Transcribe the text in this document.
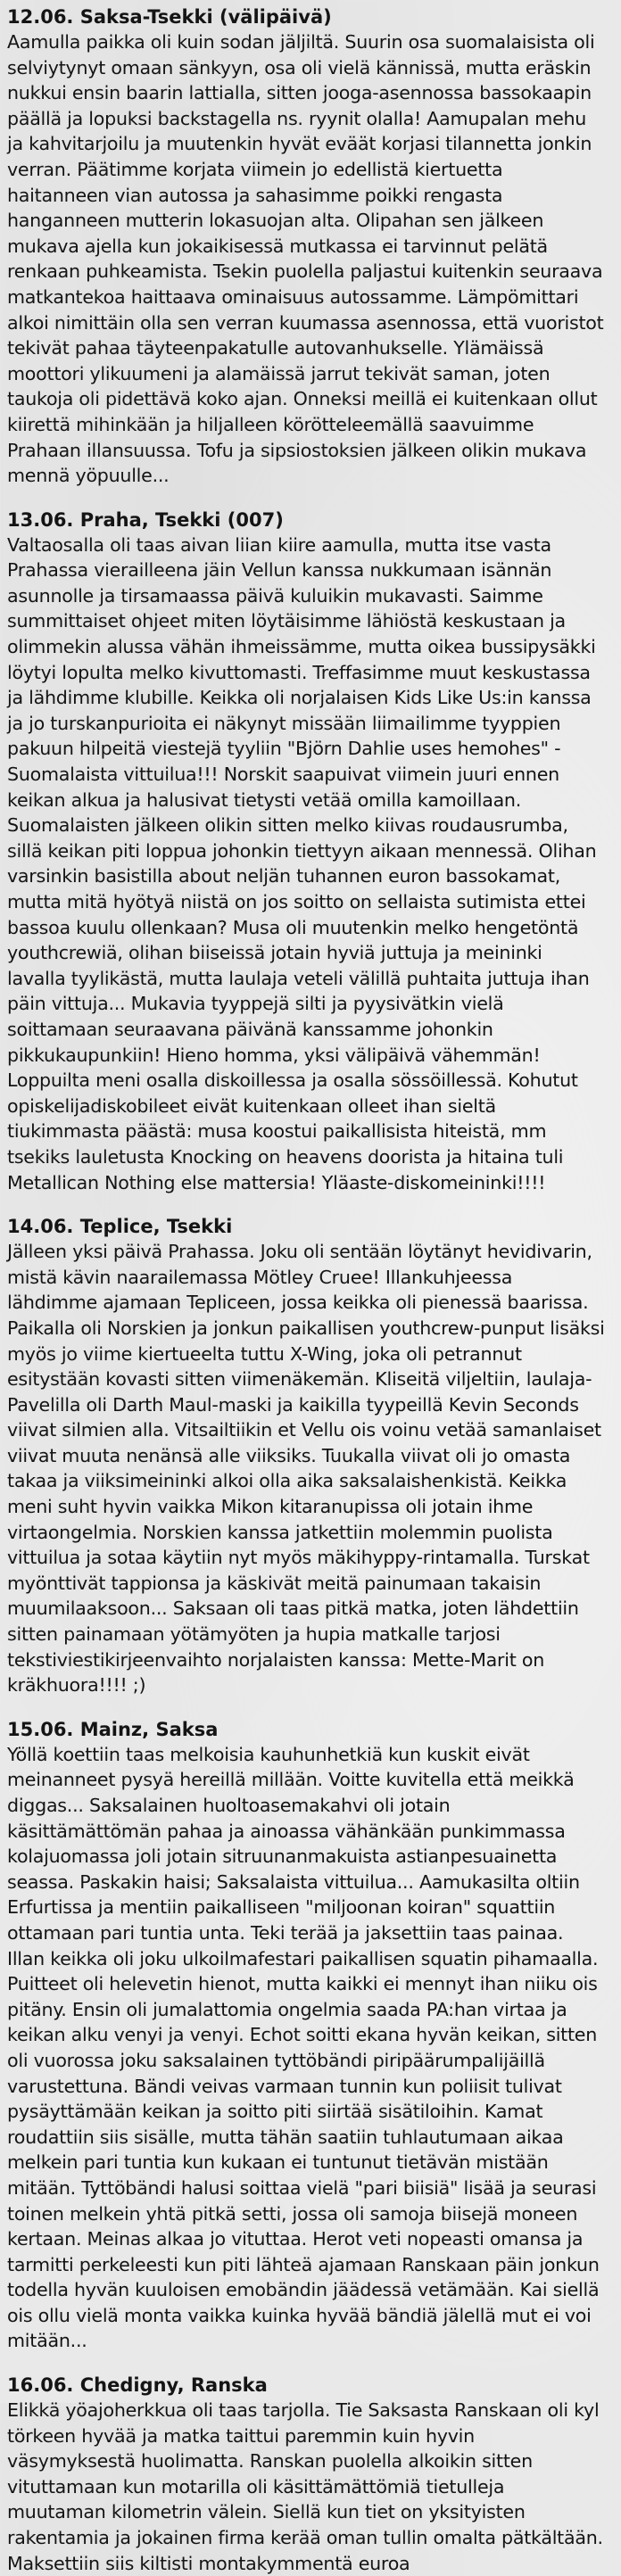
12.06. Saksa-Tsekki (välipäivä)

Aamulla paikka oli kuin sodan jäljiltä. Suurin osa suomalaisista oli selviytynyt omaan sänkyyn, osa oli vielä kännissä, mutta eräskin nukkui ensin baarin lattialla, sitten jooga-asennossa bassokaapin päällä ja lopuksi backstagella ns. ryynit olalla! Aamupalan mehu ja kahvitarjoilu ja muutenkin hyvät eväät korjasi tilannetta jonkin verran. Päätimme korjata viimein jo edellistä kiertuetta haitanneen vian autossa ja sahasimme poikki rengasta hanganneen mutterin lokasuojan alta. Olipahan sen jälkeen mukava ajella kun jokaikisessä mutkassa ei tarvinnut pelätä renkaan puhkeamista. Tsekin puolella paljastui kuitenkin seuraava matkantekoa haittaava ominaisuus autossamme. Lämpömittari alkoi nimittäin olla sen verran kuumassa asennossa, että vuoristot tekivät pahaa täyteenpakatulle autovanhukselle. Ylämäissä moottori ylikuumeni ja alamäissä jarrut tekivät saman, joten taukoja oli pidettävä koko ajan. Onneksi meillä ei kuitenkaan ollut kiirettä mihinkään ja hiljalleen körötteleemällä saavuimme Prahaan illansuussa. Tofu ja sipsiostoksien jälkeen olikin mukava mennä yöpuulle...

13.06. Praha, Tsekki (007)

Valtaosalla oli taas aivan liian kiire aamulla, mutta itse vasta Prahassa vierailleena jäin Vellun kanssa nukkumaan isännän asunnolle ja tirsamaassa päivä kuluikin mukavasti. Saimme summittaiset ohjeet miten löytäisimme lähiöstä keskustaan ja olimmekin alussa vähän ihmeissämme, mutta oikea bussipysäkki löytyi lopulta melko kivuttomasti. Treffasimme muut keskustassa ja lähdimme klubille. Keikka oli norjalaisen Kids Like Us:in kanssa ja jo turskanpurioita ei näkynyt missään liimailimme tyyppien pakuun hilpeitä viestejä tyyliin "Björn Dahlie uses hemohes" -Suomalaista vittuilua!!! Norskit saapuivat viimein juuri ennen keikan alkua ja halusivat tietysti vetää omilla kamoillaan. Suomalaisten jälkeen olikin sitten melko kiivas roudausrumba, sillä keikan piti loppua johonkin tiettyyn aikaan mennessä. Olihan varsinkin basistilla about neljän tuhannen euron bassokamat, mutta mitä hyötyä niistä on jos soitto on sellaista sutimista ettei bassoa kuulu ollenkaan? Musa oli muutenkin melko hengetöntä youthcrewiä, olihan biiseissä jotain hyviä juttuja ja meininki lavalla tyylikästä, mutta laulaja veteli välillä puhtaita juttuja ihan päin vittuja... Mukavia tyyppejä silti ja pyysivätkin vielä soittamaan seuraavana päivänä kanssamme johonkin pikkukaupunkiin! Hieno homma, yksi välipäivä vähemmän! Loppuilta meni osalla diskoillessa ja osalla sössöillessä. Kohutut opiskelijadiskobileet eivät kuitenkaan olleet ihan sieltä tiukimmasta päästä: musa koostui paikallisista hiteistä, mm tsekiks lauletusta Knocking on heavens doorista ja hitaina tuli Metallican Nothing else mattersia! Yläaste-diskomeininki!!!!

14.06. Teplice, Tsekki

Jälleen yksi päivä Prahassa. Joku oli sentään löytänyt hevidivarin, mistä kävin naarailemassa Mötley Cruee! Illankuhjeessa lähdimme ajamaan Tepliceen, jossa keikka oli pienessä baarissa. Paikalla oli Norskien ja jonkun paikallisen youthcrew-punput lisäksi myös jo viime kiertueelta tuttu X-Wing, joka oli petrannut esitystään kovasti sitten viimenäkemän. Kliseitä viljeltiin, laulaja-Pavelilla oli Darth Maul-maski ja kaikilla tyypeillä Kevin Seconds viivat silmien alla. Vitsailtiikin et Vellu ois voinu vetää samanlaiset viivat muuta nenänsä alle viiksiks. Tuukalla viivat oli jo omasta takaa ja viiksimeininki alkoi olla aika saksalaishenkistä. Keikka meni suht hyvin vaikka Mikon kitaranupissa oli jotain ihme virtaongelmia. Norskien kanssa jatkettiin molemmin puolista vittuilua ja sotaa käytiin nyt myös mäkihyppy-rintamalla. Turskat myönttivät tappionsa ja käskivät meitä painumaan takaisin muumilaaksoon... Saksaan oli taas pitkä matka, joten lähdettiin sitten painamaan yötämyöten ja hupia matkalle tarjosi tekstiviestikirjeenvaihto norjalaisten kanssa: Mette-Marit on kräkhuora!!!! ;)

15.06. Mainz, Saksa

Yöllä koettiin taas melkoisia kauhunhetkiä kun kuskit eivät meinanneet pysyä hereillä millään. Voitte kuvitella että meikkä diggas... Saksalainen huoltoasemakahvi oli jotain käsittämättömän pahaa ja ainoassa vähänkään punkimmassa kolajuomassa joli jotain sitruunanmakuista astianpesuainetta seassa. Paskakin haisi; Saksalaista vittuilua... Aamukasilta oltiin Erfurtissa ja mentiin paikalliseen "miljoonan koiran" squattiin ottamaan pari tuntia unta. Teki terää ja jaksettiin taas painaa. Illan keikka oli joku ulkoilmafestari paikallisen squatin pihamaalla. Puitteet oli helevetin hienot, mutta kaikki ei mennyt ihan niiku ois pitäny. Ensin oli jumalattomia ongelmia saada PA:han virtaa ja keikan alku venyi ja venyi. Echot soitti ekana hyvän keikan, sitten oli vuorossa joku saksalainen tyttöbändi piripäärumpalijäillä varustettuna. Bändi veivas varmaan tunnin kun poliisit tulivat pysäyttämään keikan ja soitto piti siirtää sisätiloihin. Kamat roudattiin siis sisälle, mutta tähän saatiin tuhlautumaan aikaa melkein pari tuntia kun kukaan ei tuntunut tietävän mistään mitään. Tyttöbändi halusi soittaa vielä "pari biisiä" lisää ja seurasi toinen melkein yhtä pitkä setti, jossa oli samoja biisejä moneen kertaan. Meinas alkaa jo vituttaa. Herot veti nopeasti omansa ja tarmitti perkeleesti kun piti lähteä ajamaan Ranskaan päin jonkun todella hyvän kuuloisen emobändin jäädessä vetämään. Kai siellä ois ollu vielä monta vaikka kuinka hyvää bändiä jälellä mut ei voi mitään...

16.06. Chedigny, Ranska

Elikkä yöajoherkkua oli taas tarjolla. Tie Saksasta Ranskaan oli kyl törkeen hyvää ja matka taittui paremmin kuin hyvin väsymyksestä huolimatta. Ranskan puolella alkoikin sitten vituttamaan kun motarilla oli käsittämättömiä tietulleja muutaman kilometrin välein. Siellä kun tiet on yksityisten rakentamia ja jokainen firma kerää oman tullin omalta pätkältään. Maksettiin siis kiltisti montakymmentä euroa
